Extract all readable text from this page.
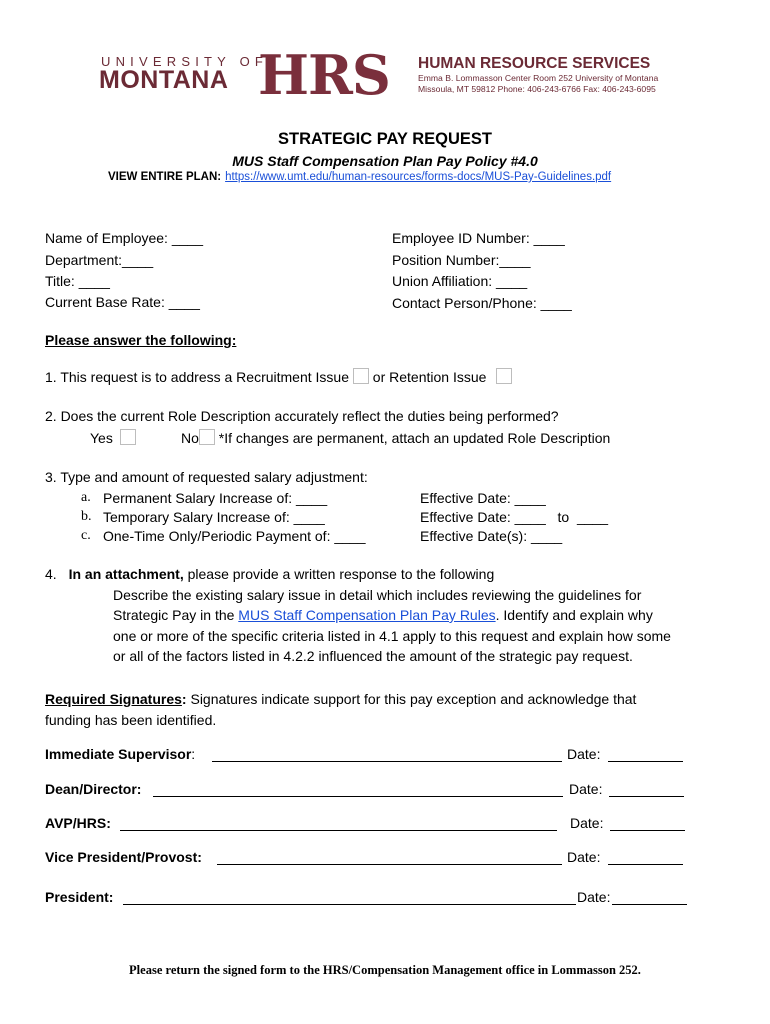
UNIVERSITY OF
MONTANA HRS HUMAN RESOURCE SERVICES
Emma B. Lommasson Center Room 252 University of Montana
Missoula, MT 59812 Phone: 406-243-6766 Fax: 406-243-6095
STRATEGIC PAY REQUEST
MUS Staff Compensation Plan Pay Policy #4.0
VIEW ENTIRE PLAN: https://www.umt.edu/human-resources/forms-docs/MUS-Pay-Guidelines.pdf
Name of Employee: ____
Department:____
Title: ____
Current Base Rate: ____
Employee ID Number: ____
Position Number:____
Union Affiliation: ____
Contact Person/Phone: ____
Please answer the following:
1. This request is to address a Recruitment Issue or Retention Issue
2. Does the current Role Description accurately reflect the duties being performed?
Yes	No *If changes are permanent, attach an updated Role Description
3. Type and amount of requested salary adjustment:
a. Permanent Salary Increase of: ____	Effective Date: ____
b. Temporary Salary Increase of: ____	Effective Date: ____   to  ____
c. One-Time Only/Periodic Payment of: ____	Effective Date(s): ____
4. In an attachment, please provide a written response to the following
Describe the existing salary issue in detail which includes reviewing the guidelines for
Strategic Pay in the MUS Staff Compensation Plan Pay Rules. Identify and explain why
one or more of the specific criteria listed in 4.1 apply to this request and explain how some
or all of the factors listed in 4.2.2 influenced the amount of the strategic pay request.
Required Signatures: Signatures indicate support for this pay exception and acknowledge that
funding has been identified.
Immediate Supervisor:	Date:
Dean/Director:	Date:
AVP/HRS:	Date:
Vice President/Provost:	Date:
President:	Date:
Please return the signed form to the HRS/Compensation Management office in Lommasson 252.
